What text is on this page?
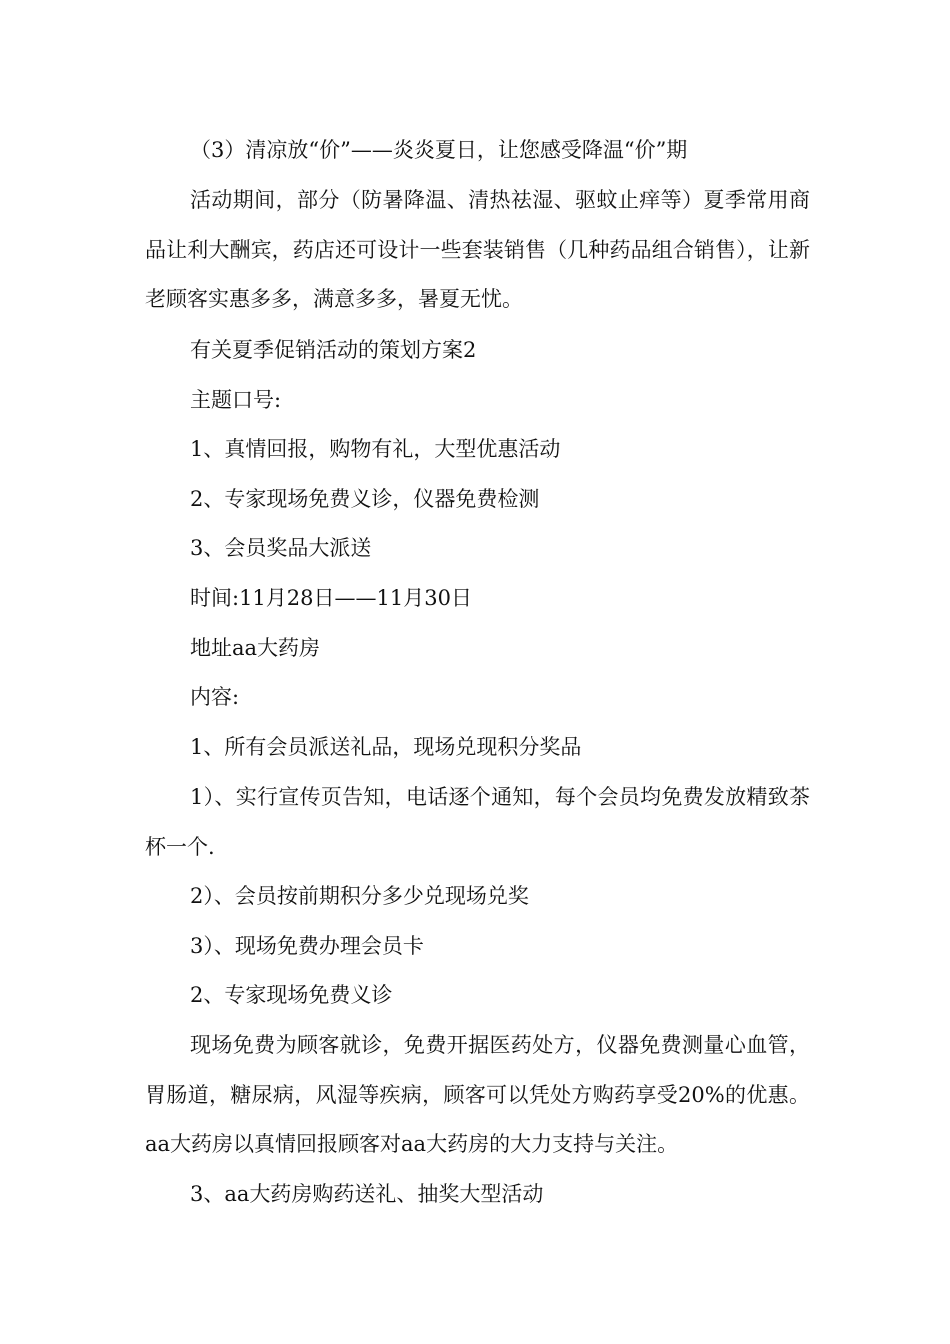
（3）清凉放“价”——炎炎夏日，让您感受降温“价”期

活动期间，部分（防暑降温、清热祛湿、驱蚊止痒等）夏季常用商品让利大酬宾，药店还可设计一些套装销售（几种药品组合销售），让新老顾客实惠多多，满意多多，暑夏无忧。

有关夏季促销活动的策划方案2

主题口号:

1、真情回报，购物有礼，大型优惠活动

2、专家现场免费义诊，仪器免费检测

3、会员奖品大派送

时间:11月28日——11月30日

地址aa大药房

内容:

1、所有会员派送礼品，现场兑现积分奖品

1）、实行宣传页告知，电话逐个通知，每个会员均免费发放精致茶杯一个.

2）、会员按前期积分多少兑现场兑奖

3）、现场免费办理会员卡

2、专家现场免费义诊

现场免费为顾客就诊，免费开据医药处方，仪器免费测量心血管，胃肠道，糖尿病，风湿等疾病，顾客可以凭处方购药享受20%的优惠。aa大药房以真情回报顾客对aa大药房的大力支持与关注。

3、aa大药房购药送礼、抽奖大型活动
